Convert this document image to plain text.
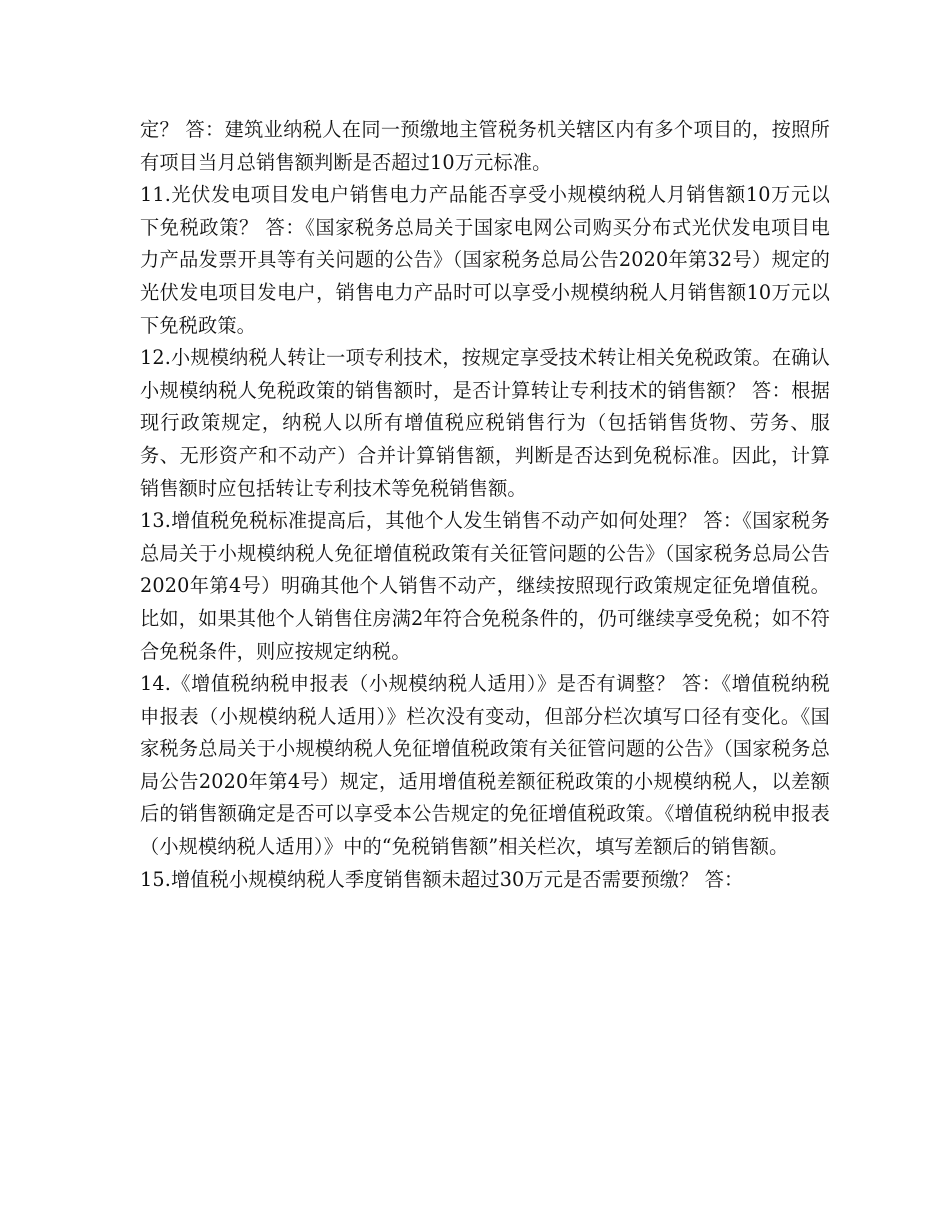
定？ 答：建筑业纳税人在同一预缴地主管税务机关辖区内有多个项目的，按照所有项目当月总销售额判断是否超过10万元标准。

11.光伏发电项目发电户销售电力产品能否享受小规模纳税人月销售额10万元以下免税政策？ 答：《国家税务总局关于国家电网公司购买分布式光伏发电项目电力产品发票开具等有关问题的公告》（国家税务总局公告2020年第32号）规定的光伏发电项目发电户，销售电力产品时可以享受小规模纳税人月销售额10万元以下免税政策。

12.小规模纳税人转让一项专利技术，按规定享受技术转让相关免税政策。在确认小规模纳税人免税政策的销售额时，是否计算转让专利技术的销售额？ 答：根据现行政策规定，纳税人以所有增值税应税销售行为（包括销售货物、劳务、服务、无形资产和不动产）合并计算销售额，判断是否达到免税标准。因此，计算销售额时应包括转让专利技术等免税销售额。

13.增值税免税标准提高后，其他个人发生销售不动产如何处理？ 答：《国家税务总局关于小规模纳税人免征增值税政策有关征管问题的公告》（国家税务总局公告2020年第4号）明确其他个人销售不动产，继续按照现行政策规定征免增值税。比如，如果其他个人销售住房满2年符合免税条件的，仍可继续享受免税；如不符合免税条件，则应按规定纳税。

14.《增值税纳税申报表（小规模纳税人适用）》是否有调整？ 答：《增值税纳税申报表（小规模纳税人适用）》栏次没有变动，但部分栏次填写口径有变化。《国家税务总局关于小规模纳税人免征增值税政策有关征管问题的公告》（国家税务总局公告2020年第4号）规定，适用增值税差额征税政策的小规模纳税人，以差额后的销售额确定是否可以享受本公告规定的免征增值税政策。《增值税纳税申报表（小规模纳税人适用）》中的“免税销售额”相关栏次，填写差额后的销售额。

15.增值税小规模纳税人季度销售额未超过30万元是否需要预缴？ 答：
